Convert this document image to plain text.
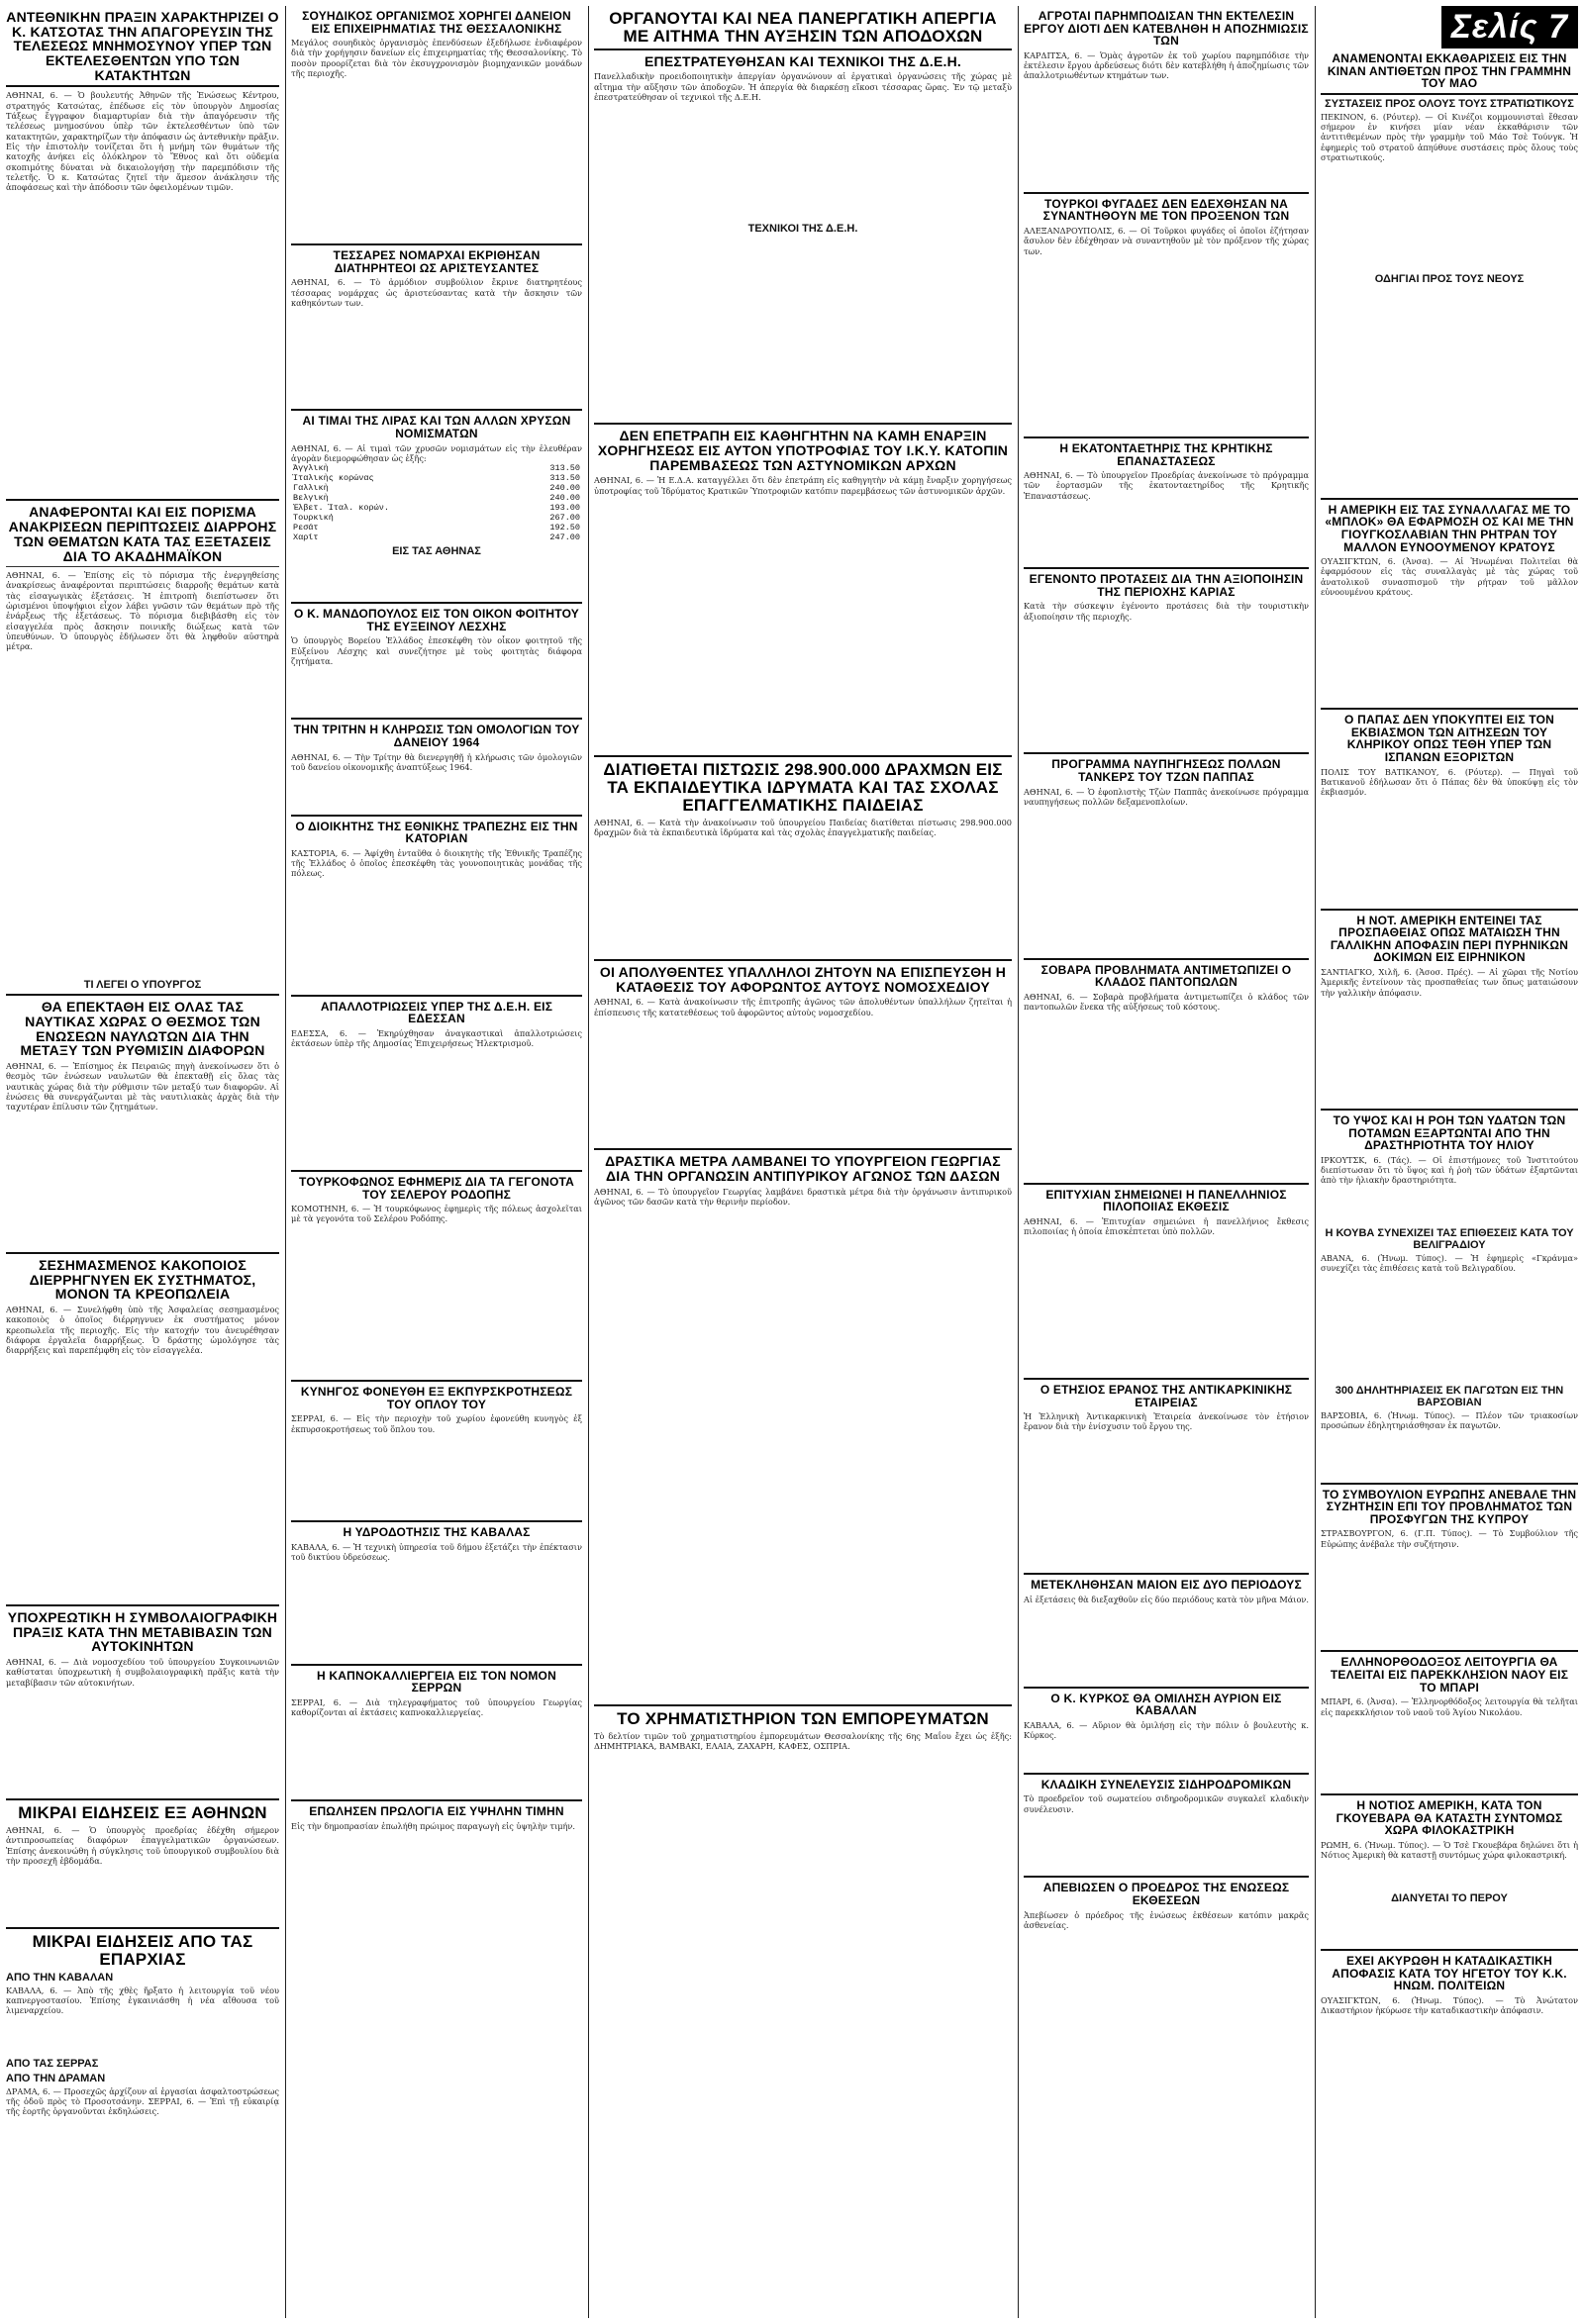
ΑΝΤΕΘΝΙΚΗΝ ΠΡΑΞΙΝ ΧΑΡΑΚΤΗΡΙΖΕΙ Ο Κ. ΚΑΤΣΟΤΑΣ ΤΗΝ ΑΠΑΓΟΡΕΥΣΙΝ ΤΗΣ ΤΕΛΕΣΕΩΣ ΜΝΗΜΟΣΥΝΟΥ ΥΠΕΡ ΤΩΝ ΕΚΤΕΛΕΣΘΕΝΤΩΝ ΥΠΟ ΤΩΝ ΚΑΤΑΚΤΗΤΩΝ

ΑΘΗΝΑΙ, 6. — Ὁ βουλευτής Ἀθηνῶν τῆς Ἑνώσεως Κέντρου, στρατηγός Κατσώτας, ἐπέδωσε εἰς τὸν ὑπουργὸν Δημοσίας Τάξεως ἔγγραφον διαμαρτυρίαν διὰ τὴν ἀπαγόρευσιν τῆς τελέσεως μνημοσύνου ὑπὲρ τῶν ἐκτελεσθέντων ὑπὸ τῶν κατακτητῶν, χαρακτηρίζων τὴν ἀπόφασιν ὡς ἀντεθνικὴν πρᾶξιν. Εἰς τὴν ἐπιστολὴν τονίζεται ὅτι ἡ μνήμη τῶν θυμάτων τῆς κατοχῆς ἀνήκει εἰς ὁλόκληρον τὸ Ἔθνος καὶ ὅτι οὐδεμία σκοπιμότης δύναται νὰ δικαιολογήσῃ τὴν παρεμπόδισιν τῆς τελετῆς. Ὁ κ. Κατσώτας ζητεῖ τὴν ἄμεσον ἀνάκλησιν τῆς ἀποφάσεως καὶ τὴν ἀπόδοσιν τῶν ὀφειλομένων τιμῶν.

ΑΝΑΦΕΡΟΝΤΑΙ ΚΑΙ ΕΙΣ ΠΟΡΙΣΜΑ ΑΝΑΚΡΙΣΕΩΝ ΠΕΡΙΠΤΩΣΕΙΣ ΔΙΑΡΡΟΗΣ ΤΩΝ ΘΕΜΑΤΩΝ ΚΑΤΑ ΤΑΣ ΕΞΕΤΑΣΕΙΣ ΔΙΑ ΤΟ ΑΚΑΔΗΜΑΪΚΟΝ

ΑΘΗΝΑΙ, 6. — Ἐπίσης εἰς τὸ πόρισμα τῆς ἐνεργηθείσης ἀνακρίσεως ἀναφέρονται περιπτώσεις διαρροῆς θεμάτων κατὰ τὰς εἰσαγωγικὰς ἐξετάσεις. Ἡ ἐπιτροπὴ διεπίστωσεν ὅτι ὡρισμένοι ὑποψήφιοι εἶχον λάβει γνῶσιν τῶν θεμάτων πρὸ τῆς ἐνάρξεως τῆς ἐξετάσεως. Τὸ πόρισμα διεβιβάσθη εἰς τὸν εἰσαγγελέα πρὸς ἄσκησιν ποινικῆς διώξεως κατὰ τῶν ὑπευθύνων. Ὁ ὑπουργὸς ἐδήλωσεν ὅτι θὰ ληφθοῦν αὐστηρὰ μέτρα.

ΤΙ ΛΕΓΕΙ Ο ΥΠΟΥΡΓΟΣ
ΘΑ ΕΠΕΚΤΑΘΗ ΕΙΣ ΟΛΑΣ ΤΑΣ ΝΑΥΤΙΚΑΣ ΧΩΡΑΣ Ο ΘΕΣΜΟΣ ΤΩΝ ΕΝΩΣΕΩΝ ΝΑΥΛΩΤΩΝ ΔΙΑ ΤΗΝ ΜΕΤΑΞΥ ΤΩΝ ΡΥΘΜΙΣΙΝ ΔΙΑΦΟΡΩΝ

ΑΘΗΝΑΙ, 6. — Ἐπίσημος ἐκ Πειραιῶς πηγὴ ἀνεκοίνωσεν ὅτι ὁ θεσμὸς τῶν ἑνώσεων ναυλωτῶν θὰ ἐπεκταθῇ εἰς ὅλας τὰς ναυτικὰς χώρας διὰ τὴν ρύθμισιν τῶν μεταξύ των διαφορῶν. Αἱ ἑνώσεις θὰ συνεργάζωνται μὲ τὰς ναυτιλιακὰς ἀρχὰς διὰ τὴν ταχυτέραν ἐπίλυσιν τῶν ζητημάτων.

ΣΕΣΗΜΑΣΜΕΝΟΣ ΚΑΚΟΠΟΙΟΣ ΔΙΕΡΡΗΓΝΥΕΝ ΕΚ ΣΥΣΤΗΜΑΤΟΣ, ΜΟΝΟΝ ΤΑ ΚΡΕΟΠΩΛΕΙΑ

ΑΘΗΝΑΙ, 6. — Συνελήφθη ὑπὸ τῆς Ἀσφαλείας σεσημασμένος κακοποιὸς ὁ ὁποῖος διέρρηγνυεν ἐκ συστήματος μόνον κρεοπωλεῖα τῆς περιοχῆς. Εἰς τὴν κατοχήν του ἀνευρέθησαν διάφορα ἐργαλεῖα διαρρήξεως. Ὁ δράστης ὡμολόγησε τὰς διαρρήξεις καὶ παρεπέμφθη εἰς τὸν εἰσαγγελέα.

ΥΠΟΧΡΕΩΤΙΚΗ Η ΣΥΜΒΟΛΑΙΟΓΡΑΦΙΚΗ ΠΡΑΞΙΣ ΚΑΤΑ ΤΗΝ ΜΕΤΑΒΙΒΑΣΙΝ ΤΩΝ ΑΥΤΟΚΙΝΗΤΩΝ

ΑΘΗΝΑΙ, 6. — Διὰ νομοσχεδίου τοῦ ὑπουργείου Συγκοινωνιῶν καθίσταται ὑποχρεωτικὴ ἡ συμβολαιογραφικὴ πρᾶξις κατὰ τὴν μεταβίβασιν τῶν αὐτοκινήτων.

ΜΙΚΡΑΙ ΕΙΔΗΣΕΙΣ ΕΞ ΑΘΗΝΩΝ

ΑΘΗΝΑΙ, 6. — Ὁ ὑπουργὸς προεδρίας ἐδέχθη σήμερον ἀντιπροσωπείας διαφόρων ἐπαγγελματικῶν ὀργανώσεων. Ἐπίσης ἀνεκοινώθη ἡ σύγκλησις τοῦ ὑπουργικοῦ συμβουλίου διὰ τὴν προσεχῆ ἑβδομάδα.

ΜΙΚΡΑΙ ΕΙΔΗΣΕΙΣ ΑΠΟ ΤΑΣ ΕΠΑΡΧΙΑΣ
ΑΠΟ ΤΗΝ ΚΑΒΑΛΑΝ

ΚΑΒΑΛΑ, 6. — Ἀπὸ τῆς χθὲς ἤρξατο ἡ λειτουργία τοῦ νέου καπνεργοστασίου. Ἐπίσης ἐγκαινιάσθη ἡ νέα αἴθουσα τοῦ λιμεναρχείου.

ΑΠΟ ΤΑΣ ΣΕΡΡΑΣ
ΑΠΟ ΤΗΝ ΔΡΑΜΑΝ

ΔΡΑΜΑ, 6. — Προσεχῶς ἀρχίζουν αἱ ἐργασίαι ἀσφαλτοστρώσεως τῆς ὁδοῦ πρὸς τὸ Προσοτσάνην. ΣΕΡΡΑΙ, 6. — Ἐπὶ τῇ εὐκαιρίᾳ τῆς ἑορτῆς ὀργανοῦνται ἐκδηλώσεις.

ΣΟΥΗΔΙΚΟΣ ΟΡΓΑΝΙΣΜΟΣ ΧΟΡΗΓΕΙ ΔΑΝΕΙΟΝ ΕΙΣ ΕΠΙΧΕΙΡΗΜΑΤΙΑΣ ΤΗΣ ΘΕΣΣΑΛΟΝΙΚΗΣ

Μεγάλος σουηδικὸς ὀργανισμὸς ἐπενδύσεων ἐξεδήλωσε ἐνδιαφέρον διὰ τὴν χορήγησιν δανείων εἰς ἐπιχειρηματίας τῆς Θεσσαλονίκης. Τὸ ποσὸν προορίζεται διὰ τὸν ἐκσυγχρονισμὸν βιομηχανικῶν μονάδων τῆς περιοχῆς.

ΤΕΣΣΑΡΕΣ ΝΟΜΑΡΧΑΙ ΕΚΡΙΘΗΣΑΝ ΔΙΑΤΗΡΗΤΕΟΙ ΩΣ ΑΡΙΣΤΕΥΣΑΝΤΕΣ

ΑΘΗΝΑΙ, 6. — Τὸ ἀρμόδιον συμβούλιον ἔκρινε διατηρητέους τέσσαρας νομάρχας ὡς ἀριστεύσαντας κατὰ τὴν ἄσκησιν τῶν καθηκόντων των.

ΑΙ ΤΙΜΑΙ ΤΗΣ ΛΙΡΑΣ ΚΑΙ ΤΩΝ ΑΛΛΩΝ ΧΡΥΣΩΝ ΝΟΜΙΣΜΑΤΩΝ

ΑΘΗΝΑΙ, 6. — Αἱ τιμαὶ τῶν χρυσῶν νομισμάτων εἰς τὴν ἐλευθέραν ἀγορὰν διεμορφώθησαν ὡς ἑξῆς:

Ἀγγλικὴ	313.50
Ἰταλικὴς κορώνας	313.50
Γαλλικὴ	240.00
Βελγικὴ	240.00
Ἑλβετ. Ἰταλ. κορών.	193.00
Τουρκική	267.00
Ρεσάτ	192.50
Χαρίτ	247.00
ΕΙΣ ΤΑΣ ΑΘΗΝΑΣ

Ο Κ. ΜΑΝΔΟΠΟΥΛΟΣ ΕΙΣ ΤΟΝ ΟΙΚΟΝ ΦΟΙΤΗΤΟΥ ΤΗΣ ΕΥΞΕΙΝΟΥ ΛΕΣΧΗΣ

Ὁ ὑπουργὸς Βορείου Ἑλλάδος ἐπεσκέφθη τὸν οἶκον φοιτητοῦ τῆς Εὐξείνου Λέσχης καὶ συνεζήτησε μὲ τοὺς φοιτητὰς διάφορα ζητήματα.

ΤΗΝ ΤΡΙΤΗΝ Η ΚΛΗΡΩΣΙΣ ΤΩΝ ΟΜΟΛΟΓΙΩΝ ΤΟΥ ΔΑΝΕΙΟΥ 1964

ΑΘΗΝΑΙ, 6. — Τὴν Τρίτην θὰ διενεργηθῇ ἡ κλήρωσις τῶν ὁμολογιῶν τοῦ δανείου οἰκονομικῆς ἀναπτύξεως 1964.

Ο ΔΙΟΙΚΗΤΗΣ ΤΗΣ ΕΘΝΙΚΗΣ ΤΡΑΠΕΖΗΣ ΕΙΣ ΤΗΝ ΚΑΤΟΡΙΑΝ

ΚΑΣΤΟΡΙΑ, 6. — Ἀφίχθη ἐνταῦθα ὁ διοικητὴς τῆς Ἐθνικῆς Τραπέζης τῆς Ἑλλάδος ὁ ὁποῖος ἐπεσκέφθη τὰς γουνοποιητικὰς μονάδας τῆς πόλεως.

ΑΠΑΛΛΟΤΡΙΩΣΕΙΣ ΥΠΕΡ ΤΗΣ Δ.Ε.Η. ΕΙΣ ΕΔΕΣΣΑΝ

ΕΔΕΣΣΑ, 6. — Ἐκηρύχθησαν ἀναγκαστικαὶ ἀπαλλοτριώσεις ἐκτάσεων ὑπὲρ τῆς Δημοσίας Ἐπιχειρήσεως Ἠλεκτρισμοῦ.

ΤΟΥΡΚΟΦΩΝΟΣ ΕΦΗΜΕΡΙΣ ΔΙΑ ΤΑ ΓΕΓΟΝΟΤΑ ΤΟΥ ΣΕΛΕΡΟΥ ΡΟΔΟΠΗΣ

ΚΟΜΟΤΗΝΗ, 6. — Ἡ τουρκόφωνος ἐφημερὶς τῆς πόλεως ἀσχολεῖται μὲ τὰ γεγονότα τοῦ Σελέρου Ροδόπης.

ΚΥΝΗΓΟΣ ΦΟΝΕΥΘΗ ΕΞ ΕΚΠΥΡΣΚΡΟΤΗΣΕΩΣ ΤΟΥ ΟΠΛΟΥ ΤΟΥ

ΣΕΡΡΑΙ, 6. — Εἰς τὴν περιοχὴν τοῦ χωρίου ἐφονεύθη κυνηγὸς ἐξ ἐκπυρσοκροτήσεως τοῦ ὅπλου του.

Η ΥΔΡΟΔΟΤΗΣΙΣ ΤΗΣ ΚΑΒΑΛΑΣ

ΚΑΒΑΛΑ, 6. — Ἡ τεχνικὴ ὑπηρεσία τοῦ δήμου ἐξετάζει τὴν ἐπέκτασιν τοῦ δικτύου ὑδρεύσεως.

Η ΚΑΠΝΟΚΑΛΛΙΕΡΓΕΙΑ ΕΙΣ ΤΟΝ ΝΟΜΟΝ ΣΕΡΡΩΝ

ΣΕΡΡΑΙ, 6. — Διὰ τηλεγραφήματος τοῦ ὑπουργείου Γεωργίας καθορίζονται αἱ ἐκτάσεις καπνοκαλλιεργείας.

ΕΠΩΛΗΣΕΝ ΠΡΩΛΟΓΙΑ ΕΙΣ ΥΨΗΛΗΝ ΤΙΜΗΝ

Εἰς τὴν δημοπρασίαν ἐπωλήθη πρώιμος παραγωγὴ εἰς ὑψηλὴν τιμήν.

ΟΡΓΑΝΟΥΤΑΙ ΚΑΙ ΝΕΑ ΠΑΝΕΡΓΑΤΙΚΗ ΑΠΕΡΓΙΑ ΜΕ ΑΙΤΗΜΑ ΤΗΝ ΑΥΞΗΣΙΝ ΤΩΝ ΑΠΟΔΟΧΩΝ
ΕΠΕΣΤΡΑΤΕΥΘΗΣΑΝ ΚΑΙ ΤΕΧΝΙΚΟΙ ΤΗΣ Δ.Ε.Η.

Πανελλαδικὴν προειδοποιητικὴν ἀπεργίαν ὀργανώνουν αἱ ἐργατικαὶ ὀργανώσεις τῆς χώρας μὲ αἴτημα τὴν αὔξησιν τῶν ἀποδοχῶν. Ἡ ἀπεργία θὰ διαρκέσῃ εἴκοσι τέσσαρας ὥρας. Ἐν τῷ μεταξὺ ἐπεστρατεύθησαν οἱ τεχνικοὶ τῆς Δ.Ε.Η.

ΤΕΧΝΙΚΟΙ ΤΗΣ Δ.Ε.Η.

ΔΕΝ ΕΠΕΤΡΑΠΗ ΕΙΣ ΚΑΘΗΓΗΤΗΝ ΝΑ ΚΑΜΗ ΕΝΑΡΞΙΝ ΧΟΡΗΓΗΣΕΩΣ ΕΙΣ ΑΥΤΟΝ ΥΠΟΤΡΟΦΙΑΣ ΤΟΥ Ι.Κ.Υ. ΚΑΤΟΠΙΝ ΠΑΡΕΜΒΑΣΕΩΣ ΤΩΝ ΑΣΤΥΝΟΜΙΚΩΝ ΑΡΧΩΝ

ΑΘΗΝΑΙ, 6. — Ἡ Ε.Δ.Α. καταγγέλλει ὅτι δὲν ἐπετράπη εἰς καθηγητὴν νὰ κάμῃ ἔναρξιν χορηγήσεως ὑποτροφίας τοῦ Ἱδρύματος Κρατικῶν Ὑποτροφιῶν κατόπιν παρεμβάσεως τῶν ἀστυνομικῶν ἀρχῶν.

ΔΙΑΤΙΘΕΤΑΙ ΠΙΣΤΩΣΙΣ 298.900.000 ΔΡΑΧΜΩΝ ΕΙΣ ΤΑ ΕΚΠΑΙΔΕΥΤΙΚΑ ΙΔΡΥΜΑΤΑ ΚΑΙ ΤΑΣ ΣΧΟΛΑΣ ΕΠΑΓΓΕΛΜΑΤΙΚΗΣ ΠΑΙΔΕΙΑΣ

ΑΘΗΝΑΙ, 6. — Κατὰ τὴν ἀνακοίνωσιν τοῦ ὑπουργείου Παιδείας διατίθεται πίστωσις 298.900.000 δραχμῶν διὰ τὰ ἐκπαιδευτικὰ ἱδρύματα καὶ τὰς σχολὰς ἐπαγγελματικῆς παιδείας.

ΟΙ ΑΠΟΛΥΘΕΝΤΕΣ ΥΠΑΛΛΗΛΟΙ ΖΗΤΟΥΝ ΝΑ ΕΠΙΣΠΕΥΣΘΗ Η ΚΑΤΑΘΕΣΙΣ ΤΟΥ ΑΦΟΡΩΝΤΟΣ ΑΥΤΟΥΣ ΝΟΜΟΣΧΕΔΙΟΥ

ΑΘΗΝΑΙ, 6. — Κατὰ ἀνακοίνωσιν τῆς ἐπιτροπῆς ἀγῶνος τῶν ἀπολυθέντων ὑπαλλήλων ζητεῖται ἡ ἐπίσπευσις τῆς κατατεθέσεως τοῦ ἀφορῶντος αὐτοὺς νομοσχεδίου.

ΔΡΑΣΤΙΚΑ ΜΕΤΡΑ ΛΑΜΒΑΝΕΙ ΤΟ ΥΠΟΥΡΓΕΙΟΝ ΓΕΩΡΓΙΑΣ ΔΙΑ ΤΗΝ ΟΡΓΑΝΩΣΙΝ ΑΝΤΙΠΥΡΙΚΟΥ ΑΓΩΝΟΣ ΤΩΝ ΔΑΣΩΝ

ΑΘΗΝΑΙ, 6. — Τὸ ὑπουργεῖον Γεωργίας λαμβάνει δραστικὰ μέτρα διὰ τὴν ὀργάνωσιν ἀντιπυρικοῦ ἀγῶνος τῶν δασῶν κατὰ τὴν θερινὴν περίοδον.

ΤΟ ΧΡΗΜΑΤΙΣΤΗΡΙΟΝ ΤΩΝ ΕΜΠΟΡΕΥΜΑΤΩΝ

Τὸ δελτίον τιμῶν τοῦ χρηματιστηρίου ἐμπορευμάτων Θεσσαλονίκης τῆς 6ης Μαΐου ἔχει ὡς ἑξῆς: ΔΗΜΗΤΡΙΑΚΑ, ΒΑΜΒΑΚΙ, ΕΛΑΙΑ, ΖΑΧΑΡΗ, ΚΑΦΕΣ, ΟΣΠΡΙΑ.

ΑΓΡΟΤΑΙ ΠΑΡΗΜΠΟΔΙΣΑΝ ΤΗΝ ΕΚΤΕΛΕΣΙΝ ΕΡΓΟΥ ΔΙΟΤΙ ΔΕΝ ΚΑΤΕΒΛΗΘΗ Η ΑΠΟΖΗΜΙΩΣΙΣ ΤΩΝ

ΚΑΡΔΙΤΣΑ, 6. — Ὁμὰς ἀγροτῶν ἐκ τοῦ χωρίου παρημπόδισε τὴν ἐκτέλεσιν ἔργου ἀρδεύσεως διότι δὲν κατεβλήθη ἡ ἀποζημίωσις τῶν ἀπαλλοτριωθέντων κτημάτων των.

ΤΟΥΡΚΟΙ ΦΥΓΑΔΕΣ ΔΕΝ ΕΔΕΧΘΗΣΑΝ ΝΑ ΣΥΝΑΝΤΗΘΟΥΝ ΜΕ ΤΟΝ ΠΡΟΞΕΝΟΝ ΤΩΝ

ΑΛΕΞΑΝΔΡΟΥΠΟΛΙΣ, 6. — Οἱ Τοῦρκοι φυγάδες οἱ ὁποῖοι ἐζήτησαν ἄσυλον δὲν ἐδέχθησαν νὰ συναντηθοῦν μὲ τὸν πρόξενον τῆς χώρας των.

Η ΕΚΑΤΟΝΤΑΕΤΗΡΙΣ ΤΗΣ ΚΡΗΤΙΚΗΣ ΕΠΑΝΑΣΤΑΣΕΩΣ

ΑΘΗΝΑΙ, 6. — Τὸ ὑπουργεῖον Προεδρίας ἀνεκοίνωσε τὸ πρόγραμμα τῶν ἑορτασμῶν τῆς ἑκατονταετηρίδος τῆς Κρητικῆς Ἐπαναστάσεως.

ΕΓΕΝΟΝΤΟ ΠΡΟΤΑΣΕΙΣ ΔΙΑ ΤΗΝ ΑΞΙΟΠΟΙΗΣΙΝ ΤΗΣ ΠΕΡΙΟΧΗΣ ΚΑΡΙΑΣ

Κατὰ τὴν σύσκεψιν ἐγένοντο προτάσεις διὰ τὴν τουριστικὴν ἀξιοποίησιν τῆς περιοχῆς.

ΠΡΟΓΡΑΜΜΑ ΝΑΥΠΗΓΗΣΕΩΣ ΠΟΛΛΩΝ ΤΑΝΚΕΡΣ ΤΟΥ ΤΖΩΝ ΠΑΠΠΑΣ

ΑΘΗΝΑΙ, 6. — Ὁ ἐφοπλιστὴς Τζὼν Παππᾶς ἀνεκοίνωσε πρόγραμμα ναυπηγήσεως πολλῶν δεξαμενοπλοίων.

ΣΟΒΑΡΑ ΠΡΟΒΛΗΜΑΤΑ ΑΝΤΙΜΕΤΩΠΙΖΕΙ Ο ΚΛΑΔΟΣ ΠΑΝΤΟΠΩΛΩΝ

ΑΘΗΝΑΙ, 6. — Σοβαρὰ προβλήματα ἀντιμετωπίζει ὁ κλάδος τῶν παντοπωλῶν ἕνεκα τῆς αὐξήσεως τοῦ κόστους.

ΕΠΙΤΥΧΙΑΝ ΣΗΜΕΙΩΝΕΙ Η ΠΑΝΕΛΛΗΝΙΟΣ ΠΙΛΟΠΟΙΙΑΣ ΕΚΘΕΣΙΣ

ΑΘΗΝΑΙ, 6. — Ἐπιτυχίαν σημειώνει ἡ πανελλήνιος ἔκθεσις πιλοποιίας ἡ ὁποία ἐπισκέπτεται ὑπὸ πολλῶν.

Ο ΕΤΗΣΙΟΣ ΕΡΑΝΟΣ ΤΗΣ ΑΝΤΙΚΑΡΚΙΝΙΚΗΣ ΕΤΑΙΡΕΙΑΣ

Ἡ Ἑλληνικὴ Ἀντικαρκινικὴ Ἑταιρεία ἀνεκοίνωσε τὸν ἐτήσιον ἔρανον διὰ τὴν ἐνίσχυσιν τοῦ ἔργου της.

ΜΕΤΕΚΛΗΘΗΣΑΝ ΜΑΙΟΝ ΕΙΣ ΔΥΟ ΠΕΡΙΟΔΟΥΣ

Αἱ ἐξετάσεις θὰ διεξαχθοῦν εἰς δύο περιόδους κατὰ τὸν μῆνα Μάιον.

Ο Κ. ΚΥΡΚΟΣ ΘΑ ΟΜΙΛΗΣΗ ΑΥΡΙΟΝ ΕΙΣ ΚΑΒΑΛΑΝ

ΚΑΒΑΛΑ, 6. — Αὔριον θὰ ὁμιλήσῃ εἰς τὴν πόλιν ὁ βουλευτὴς κ. Κύρκος.

ΚΛΑΔΙΚΗ ΣΥΝΕΛΕΥΣΙΣ ΣΙΔΗΡΟΔΡΟΜΙΚΩΝ

Τὸ προεδρεῖον τοῦ σωματείου σιδηροδρομικῶν συγκαλεῖ κλαδικὴν συνέλευσιν.

ΑΠΕΒΙΩΣΕΝ Ο ΠΡΟΕΔΡΟΣ ΤΗΣ ΕΝΩΣΕΩΣ ΕΚΘΕΣΕΩΝ

Ἀπεβίωσεν ὁ πρόεδρος τῆς ἑνώσεως ἐκθέσεων κατόπιν μακρᾶς ἀσθενείας.

Σελίς 7
ΑΝΑΜΕΝΟΝΤΑΙ ΕΚΚΑΘΑΡΙΣΕΙΣ ΕΙΣ ΤΗΝ ΚΙΝΑΝ ΑΝΤΙΘΕΤΩΝ ΠΡΟΣ ΤΗΝ ΓΡΑΜΜΗΝ ΤΟΥ ΜΑΟ
ΣΥΣΤΑΣΕΙΣ ΠΡΟΣ ΟΛΟΥΣ ΤΟΥΣ ΣΤΡΑΤΙΩΤΙΚΟΥΣ

ΠΕΚΙΝΟΝ, 6. (Ρόυτερ). — Οἱ Κινέζοι κομμουνισταὶ ἔθεσαν σήμερον ἐν κινήσει μίαν νέαν ἐκκαθάρισιν τῶν ἀντιτιθεμένων πρὸς τὴν γραμμὴν τοῦ Μάο Τσὲ Τούνγκ. Ἡ ἐφημερὶς τοῦ στρατοῦ ἀπηύθυνε συστάσεις πρὸς ὅλους τοὺς στρατιωτικούς.

ΟΔΗΓΙΑΙ ΠΡΟΣ ΤΟΥΣ ΝΕΟΥΣ

Η ΑΜΕΡΙΚΗ ΕΙΣ ΤΑΣ ΣΥΝΑΛΛΑΓΑΣ ΜΕ ΤΟ «ΜΠΛΟΚ» ΘΑ ΕΦΑΡΜΟΣΗ ΟΣ ΚΑΙ ΜΕ ΤΗΝ ΓΙΟΥΓΚΟΣΛΑΒΙΑΝ ΤΗΝ ΡΗΤΡΑΝ ΤΟΥ ΜΑΛΛΟΝ ΕΥΝΟΟΥΜΕΝΟΥ ΚΡΑΤΟΥΣ

ΟΥΑΣΙΓΚΤΩΝ, 6. (Ἀνσα). — Αἱ Ἡνωμέναι Πολιτεῖαι θὰ ἐφαρμόσουν εἰς τὰς συναλλαγὰς μὲ τὰς χώρας τοῦ ἀνατολικοῦ συνασπισμοῦ τὴν ρήτραν τοῦ μᾶλλον εὐνοουμένου κράτους.

Ο ΠΑΠΑΣ ΔΕΝ ΥΠΟΚΥΠΤΕΙ ΕΙΣ ΤΟΝ ΕΚΒΙΑΣΜΟΝ ΤΩΝ ΑΙΤΗΣΕΩΝ ΤΟΥ ΚΛΗΡΙΚΟΥ ΟΠΩΣ ΤΕΘΗ ΥΠΕΡ ΤΩΝ ΙΣΠΑΝΩΝ ΕΞΟΡΙΣΤΩΝ

ΠΟΛΙΣ ΤΟΥ ΒΑΤΙΚΑΝΟΥ, 6. (Ρόυτερ). — Πηγαὶ τοῦ Βατικανοῦ ἐδήλωσαν ὅτι ὁ Πάπας δὲν θὰ ὑποκύψῃ εἰς τὸν ἐκβιασμόν.

Η ΝΟΤ. ΑΜΕΡΙΚΗ ΕΝΤΕΙΝΕΙ ΤΑΣ ΠΡΟΣΠΑΘΕΙΑΣ ΟΠΩΣ ΜΑΤΑΙΩΣΗ ΤΗΝ ΓΑΛΛΙΚΗΝ ΑΠΟΦΑΣΙΝ ΠΕΡΙ ΠΥΡΗΝΙΚΩΝ ΔΟΚΙΜΩΝ ΕΙΣ ΕΙΡΗΝΙΚΟΝ

ΣΑΝΤΙΑΓΚΟ, Χιλῆ, 6. (Ἀσοσ. Πρές). — Αἱ χῶραι τῆς Νοτίου Ἀμερικῆς ἐντείνουν τὰς προσπαθείας των ὅπως ματαιώσουν τὴν γαλλικὴν ἀπόφασιν.

ΤΟ ΥΨΟΣ ΚΑΙ Η ΡΟΗ ΤΩΝ ΥΔΑΤΩΝ ΤΩΝ ΠΟΤΑΜΩΝ ΕΞΑΡΤΩΝΤΑΙ ΑΠΟ ΤΗΝ ΔΡΑΣΤΗΡΙΟΤΗΤΑ ΤΟΥ ΗΛΙΟΥ

ΙΡΚΟΥΤΣΚ, 6. (Τάς). — Οἱ ἐπιστήμονες τοῦ Ἰνστιτούτου διεπίστωσαν ὅτι τὸ ὕψος καὶ ἡ ῥοὴ τῶν ὑδάτων ἐξαρτῶνται ἀπὸ τὴν ἡλιακὴν δραστηριότητα.

Η ΚΟΥΒΑ ΣΥΝΕΧΙΖΕΙ ΤΑΣ ΕΠΙΘΕΣΕΙΣ ΚΑΤΑ ΤΟΥ ΒΕΛΙΓΡΑΔΙΟΥ

ΑΒΑΝΑ, 6. (Ἡνωμ. Τύπος). — Ἡ ἐφημερὶς «Γκράνμα» συνεχίζει τὰς ἐπιθέσεις κατὰ τοῦ Βελιγραδίου.

300 ΔΗΛΗΤΗΡΙΑΣΕΙΣ ΕΚ ΠΑΓΩΤΩΝ ΕΙΣ ΤΗΝ ΒΑΡΣΟΒΙΑΝ

ΒΑΡΣΟΒΙΑ, 6. (Ἡνωμ. Τύπος). — Πλέον τῶν τριακοσίων προσώπων ἐδηλητηριάσθησαν ἐκ παγωτῶν.

ΤΟ ΣΥΜΒΟΥΛΙΟΝ ΕΥΡΩΠΗΣ ΑΝΕΒΑΛΕ ΤΗΝ ΣΥΖΗΤΗΣΙΝ ΕΠΙ ΤΟΥ ΠΡΟΒΛΗΜΑΤΟΣ ΤΩΝ ΠΡΟΣΦΥΓΩΝ ΤΗΣ ΚΥΠΡΟΥ

ΣΤΡΑΣΒΟΥΡΓΟΝ, 6. (Γ.Π. Τύπος). — Τὸ Συμβούλιον τῆς Εὐρώπης ἀνέβαλε τὴν συζήτησιν.

ΕΛΛΗΝΟΡΘΟΔΟΞΟΣ ΛΕΙΤΟΥΡΓΙΑ ΘΑ ΤΕΛΕΙΤΑΙ ΕΙΣ ΠΑΡΕΚΚΛΗΣΙΟΝ ΝΑΟΥ ΕΙΣ ΤΟ ΜΠΑΡΙ

ΜΠΑΡΙ, 6. (Ἀνσα). — Ἑλληνορθόδοξος λειτουργία θὰ τελῆται εἰς παρεκκλήσιον τοῦ ναοῦ τοῦ Ἁγίου Νικολάου.

Η ΝΟΤΙΟΣ ΑΜΕΡΙΚΗ, ΚΑΤΑ ΤΟΝ ΓΚΟΥΕΒΑΡΑ ΘΑ ΚΑΤΑΣΤΗ ΣΥΝΤΟΜΩΣ ΧΩΡΑ ΦΙΛΟΚΑΣΤΡΙΚΗ

ΡΩΜΗ, 6. (Ἡνωμ. Τύπος). — Ὁ Τσὲ Γκουεβάρα δηλώνει ὅτι ἡ Νότιος Ἀμερικὴ θὰ καταστῇ συντόμως χώρα φιλοκαστρική.

ΔΙΑΝΥΕΤΑΙ ΤΟ ΠΕΡΟΥ

ΕΧΕΙ ΑΚΥΡΩΘΗ Η ΚΑΤΑΔΙΚΑΣΤΙΚΗ ΑΠΟΦΑΣΙΣ ΚΑΤΑ ΤΟΥ ΗΓΕΤΟΥ ΤΟΥ Κ.Κ. ΗΝΩΜ. ΠΟΛΙΤΕΙΩΝ

ΟΥΑΣΙΓΚΤΩΝ, 6. (Ἡνωμ. Τύπος). — Τὸ Ἀνώτατον Δικαστήριον ἠκύρωσε τὴν καταδικαστικὴν ἀπόφασιν.
